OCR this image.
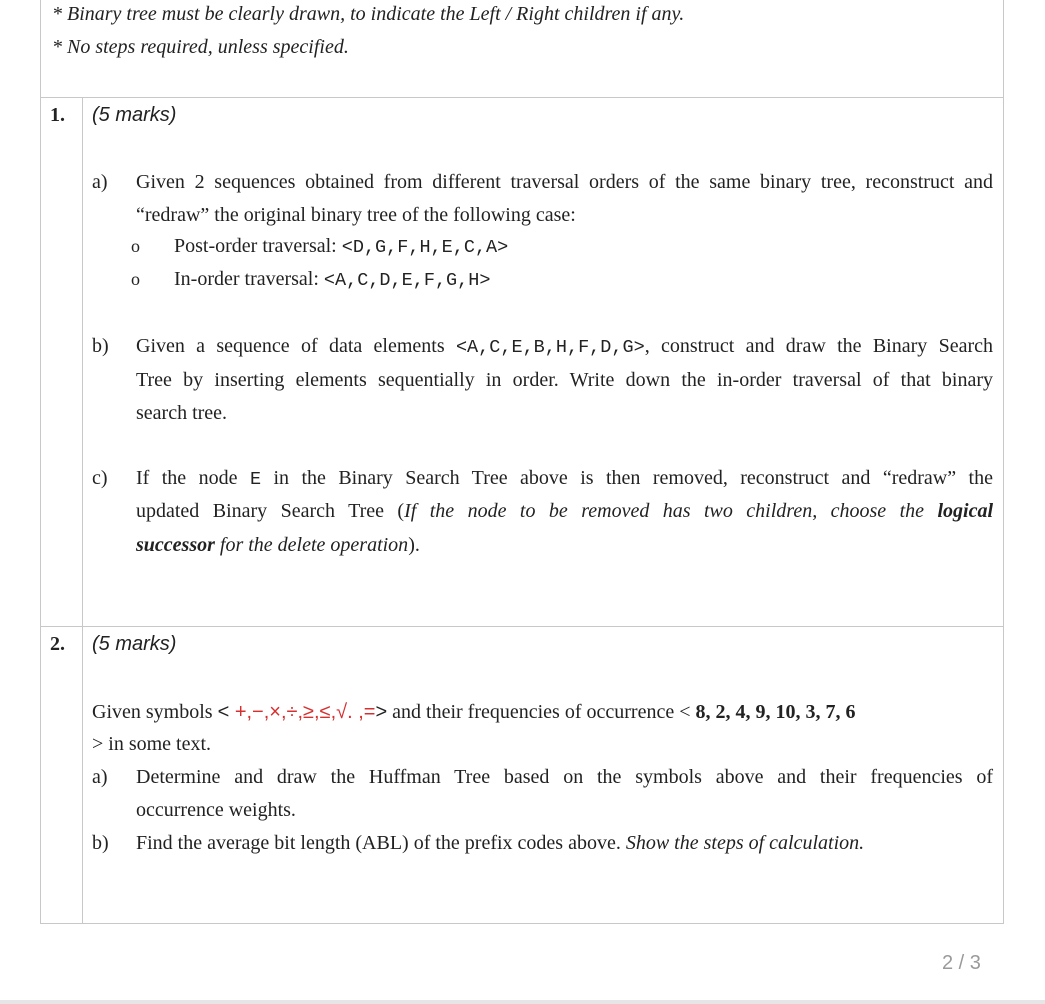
* Binary tree must be clearly drawn, to indicate the Left / Right children if any.
* No steps required, unless specified.
1. (5 marks)
a) Given 2 sequences obtained from different traversal orders of the same binary tree, reconstruct and
“redraw” the original binary tree of the following case:
o Post-order traversal: <D,G,F,H,E,C,A>
o In-order traversal: <A,C,D,E,F,G,H>
b) Given a sequence of data elements <A,C,E,B,H,F,D,G>, construct and draw the Binary Search
Tree by inserting elements sequentially in order. Write down the in-order traversal of that binary
search tree.
c) If the node E in the Binary Search Tree above is then removed, reconstruct and “redraw” the
updated Binary Search Tree (If the node to be removed has two children, choose the logical
successor for the delete operation).
2. (5 marks)
Given symbols < +,−,×,÷,≥,≤,√. ,=> and their frequencies of occurrence < 8, 2, 4, 9, 10, 3, 7, 6
> in some text.
a) Determine and draw the Huffman Tree based on the symbols above and their frequencies of
occurrence weights.
b) Find the average bit length (ABL) of the prefix codes above. Show the steps of calculation.
2 / 3
